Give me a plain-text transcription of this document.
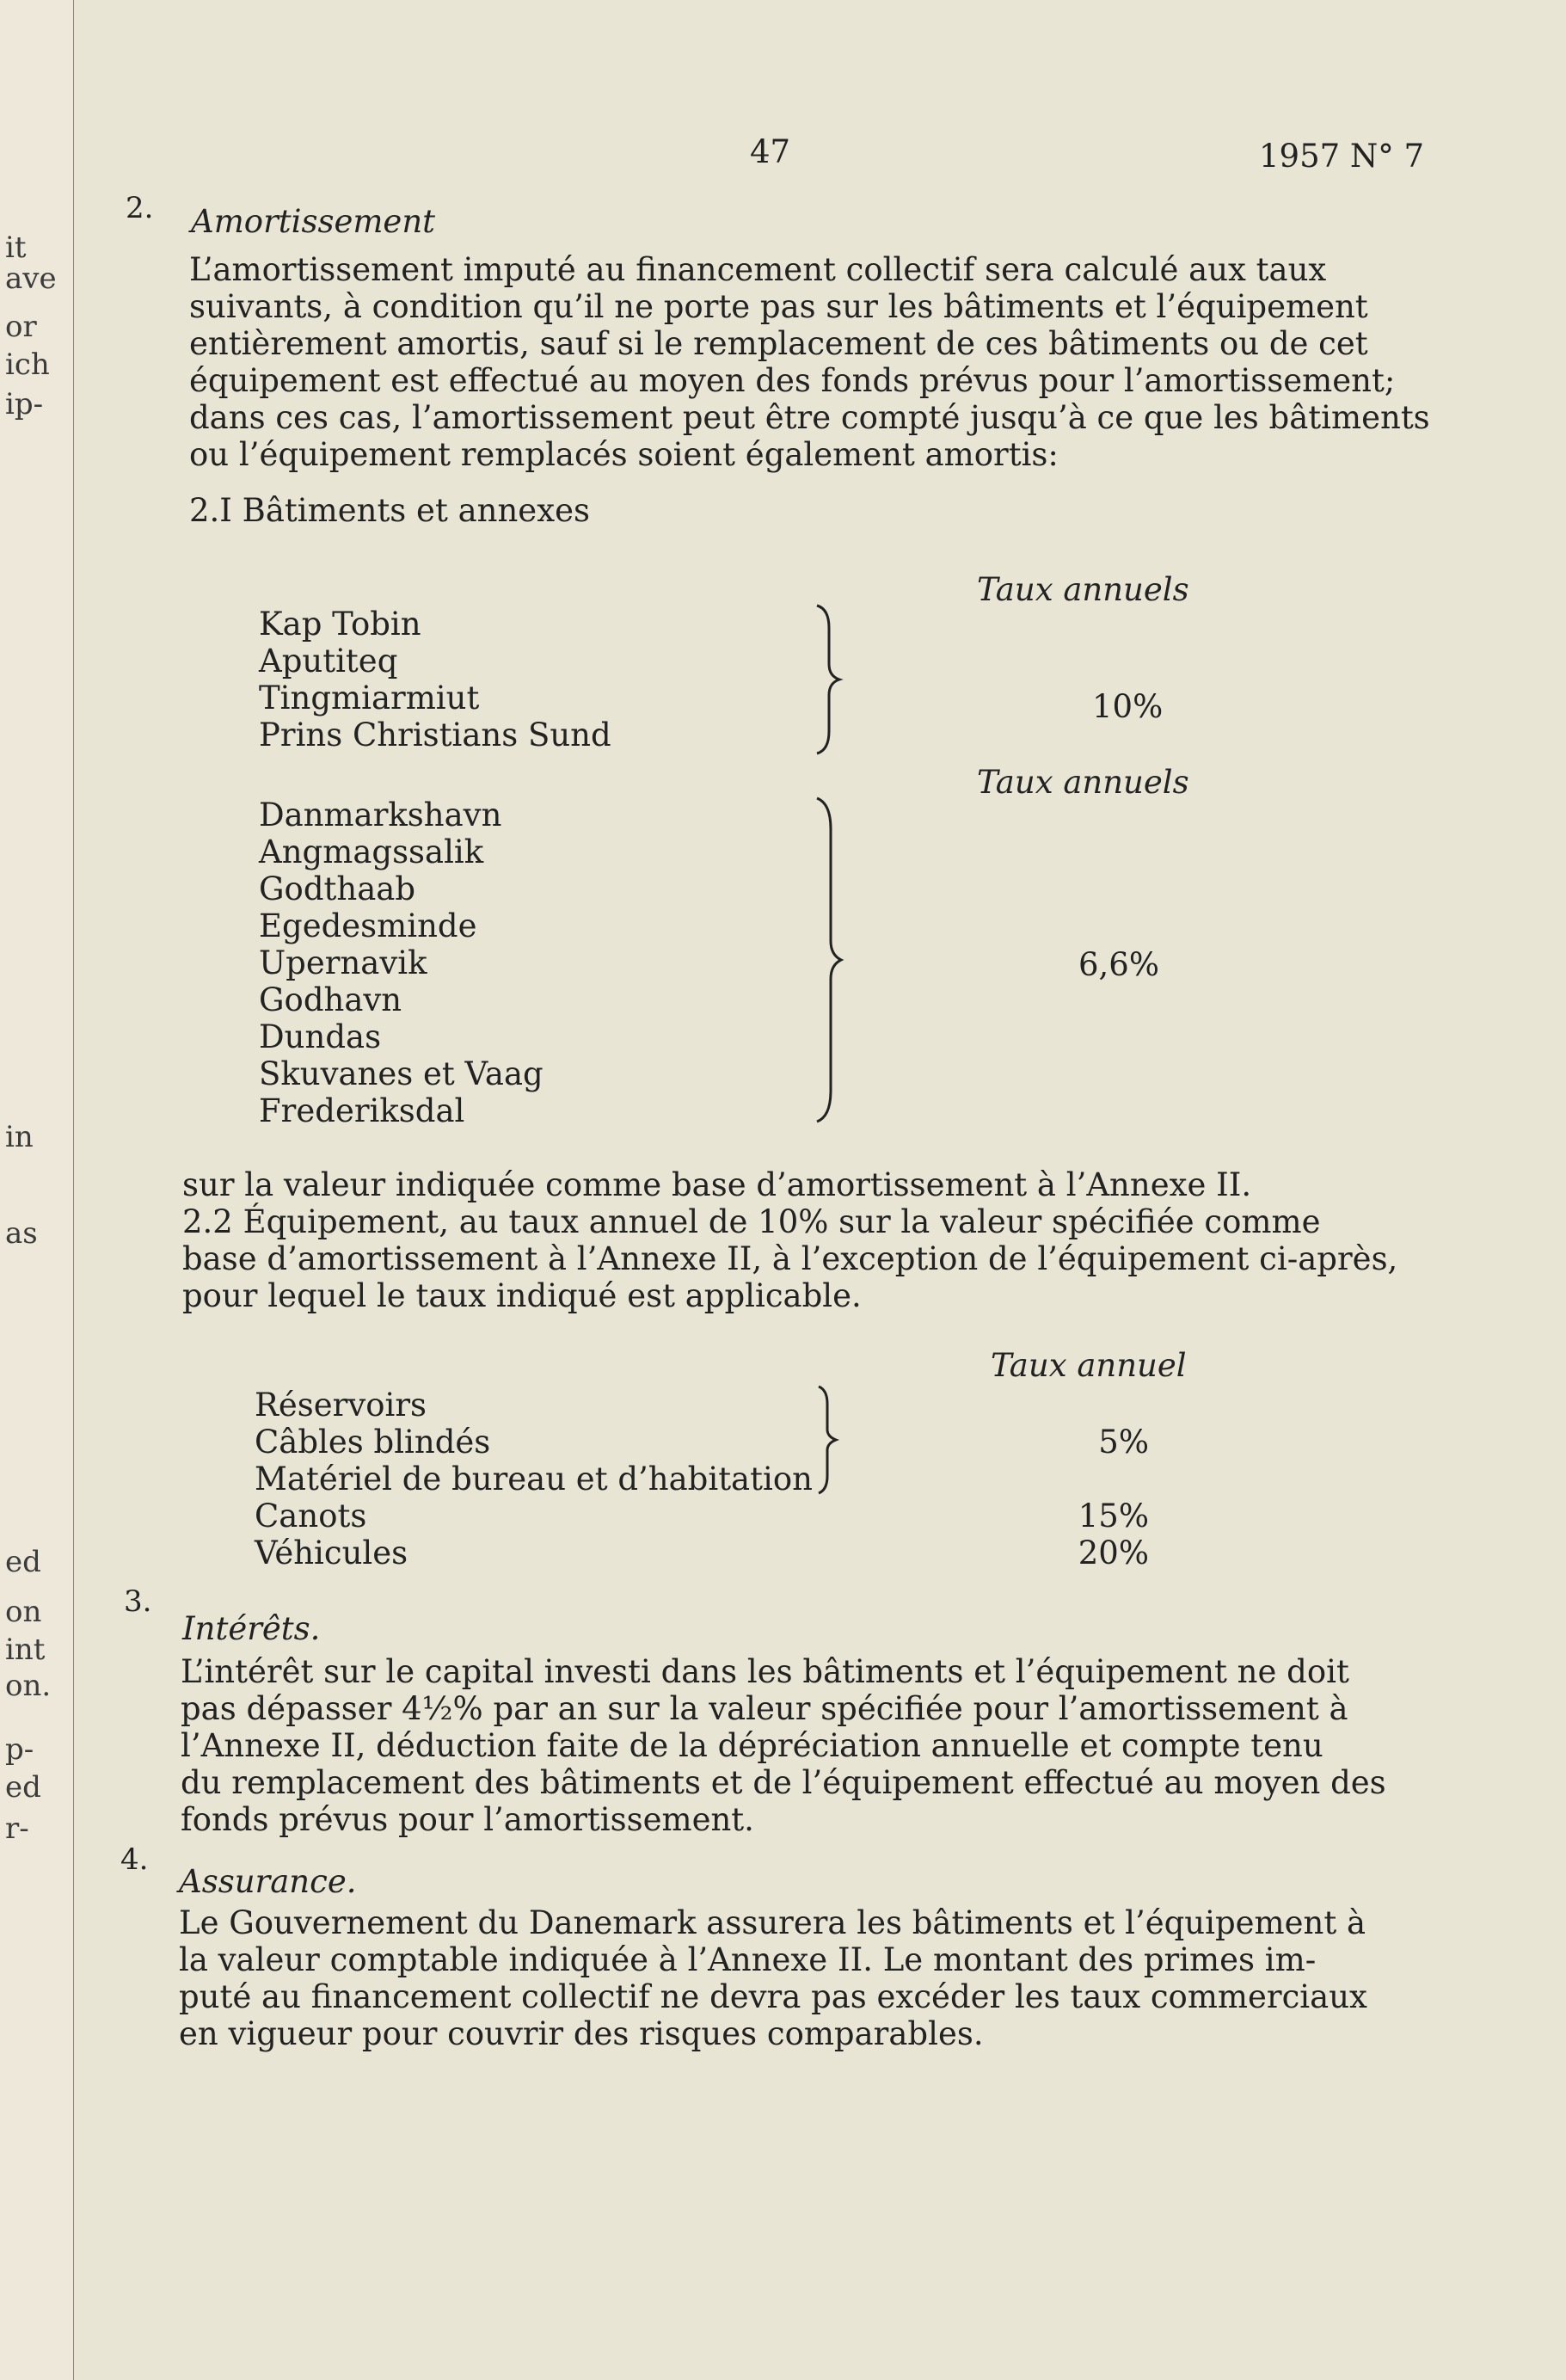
it
ave
or
ich
ip-
in
as
ed
on
int
on.
p-
ed
r-
47	1957 N° 7
2. Amortissement

L’amortissement imputé au financement collectif sera calculé aux taux

suivants, à condition qu’il ne porte pas sur les bâtiments et l’équipement

entièrement amortis, sauf si le remplacement de ces bâtiments ou de cet

équipement est effectué au moyen des fonds prévus pour l’amortissement;

dans ces cas, l’amortissement peut être compté jusqu’à ce que les bâtiments

ou l’équipement remplacés soient également amortis:

2.I Bâtiments et annexes
Taux annuels
Kap Tobin
Aputiteq
Tingmiarmiut
Prins Christians Sund
10%
Taux annuels
Danmarkshavn
Angmagssalik
Godthaab
Egedesminde
Upernavik
Godhavn
Dundas
Skuvanes et Vaag
Frederiksdal
6,6%

sur la valeur indiquée comme base d’amortissement à l’Annexe II.

2.2 Équipement, au taux annuel de 10% sur la valeur spécifiée comme

base d’amortissement à l’Annexe II, à l’exception de l’équipement ci-après,

pour lequel le taux indiqué est applicable.

Taux annuel
Réservoirs
Câbles blindés
Matériel de bureau et d’habitation
Canots
Véhicules
5%
15%
20%
3.
Intérêts.

L’intérêt sur le capital investi dans les bâtiments et l’équipement ne doit

pas dépasser 4½% par an sur la valeur spécifiée pour l’amortissement à

l’Annexe II, déduction faite de la dépréciation annuelle et compte tenu

du remplacement des bâtiments et de l’équipement effectué au moyen des

fonds prévus pour l’amortissement.

4.
Assurance.

Le Gouvernement du Danemark assurera les bâtiments et l’équipement à

la valeur comptable indiquée à l’Annexe II. Le montant des primes im-

puté au financement collectif ne devra pas excéder les taux commerciaux

en vigueur pour couvrir des risques comparables.
